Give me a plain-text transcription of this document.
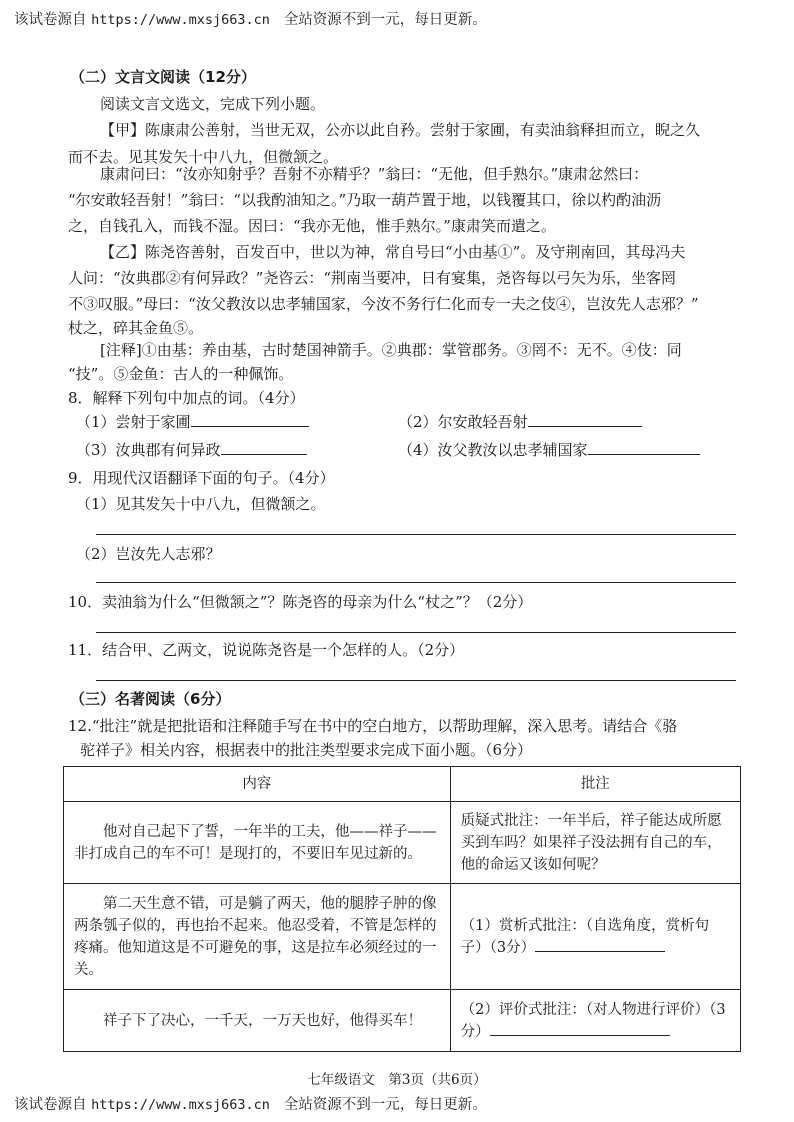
该试卷源自 https://www.mxsj663.cn 全站资源不到一元，每日更新。
（二）文言文阅读（12分）
阅读文言文选文，完成下列小题。
【甲】陈康肃公善射，当世无双，公亦以此自矜。尝射于家圃，有卖油翁释担而立，睨之久
而不去。见其发矢十中八九，但微颔之。
康肃问曰：“汝亦知射乎？吾射不亦精乎？”翁曰：“无他，但手熟尔。”康肃忿然曰：
“尔安敢轻吾射！”翁曰：“以我酌油知之。”乃取一葫芦置于地，以钱覆其口，徐以杓酌油沥
之，自钱孔入，而钱不湿。因曰：“我亦无他，惟手熟尔。”康肃笑而遣之。
【乙】陈尧咨善射，百发百中，世以为神，常自号曰“小由基①”。及守荆南回，其母冯夫
人问：“汝典郡②有何异政？”尧咨云：“荆南当要冲，日有宴集，尧咨每以弓矢为乐，坐客罔
不③叹服。”母曰：“汝父教汝以忠孝辅国家，今汝不务行仁化而专一夫之伎④，岂汝先人志邪？”
杖之，碎其金鱼⑤。
[注释]①由基：养由基，古时楚国神箭手。②典郡：掌管郡务。③罔不：无不。④伎：同
“技”。⑤金鱼：古人的一种佩饰。
8．解释下列句中加点的词。（4分）
（1）尝射于家圃	（2）尔安敢轻吾射
（3）汝典郡有何异政	（4）汝父教汝以忠孝辅国家
9．用现代汉语翻译下面的句子。（4分）
（1）见其发矢十中八九，但微颔之。
（2）岂汝先人志邪？
10．卖油翁为什么“但微颔之”？陈尧咨的母亲为什么“杖之”？（2分）
11．结合甲、乙两文，说说陈尧咨是一个怎样的人。（2分）
（三）名著阅读（6分）
12.“批注”就是把批语和注释随手写在书中的空白地方，以帮助理解，深入思考。请结合《骆
驼祥子》相关内容，根据表中的批注类型要求完成下面小题。（6分）
内容	批注
他对自己起下了誓，一年半的工夫，他——祥子——非打成自己的车不可！是现打的，不要旧车见过新的。	质疑式批注：一年半后，祥子能达成所愿买到车吗？如果祥子没法拥有自己的车，他的命运又该如何呢？
第二天生意不错，可是躺了两天，他的腿脖子肿的像两条瓠子似的，再也抬不起来。他忍受着，不管是怎样的疼痛。他知道这是不可避免的事，这是拉车必须经过的一关。	（1）赏析式批注：（自选角度，赏析句子）（3分）
祥子下了决心，一千天，一万天也好，他得买车！	（2）评价式批注：（对人物进行评价）（3分）
七年级语文　第3页（共6页）
该试卷源自 https://www.mxsj663.cn 全站资源不到一元，每日更新。
